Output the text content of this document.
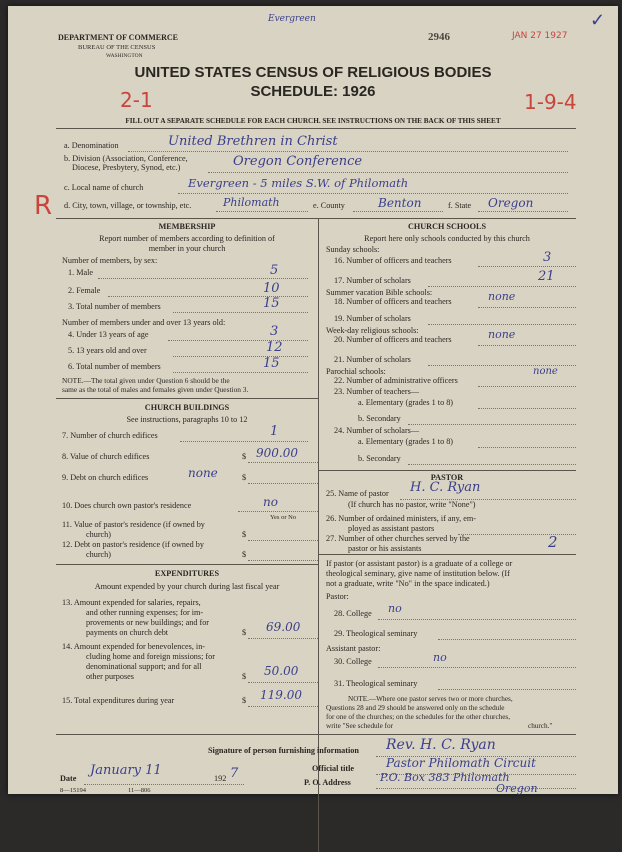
DEPARTMENT OF COMMERCE
BUREAU OF THE CENSUS
WASHINGTON
2946	JAN 27 1927
Evergreen	✓
UNITED STATES CENSUS OF RELIGIOUS BODIES
SCHEDULE: 1926
2-1	1-9-4
FILL OUT A SEPARATE SCHEDULE FOR EACH CHURCH. SEE INSTRUCTIONS ON THE BACK OF THIS SHEET
a. Denomination	United Brethren in Christ
b. Division (Association, Conference,
Diocese, Presbytery, Synod, etc.)	Oregon Conference
c. Local name of church	Evergreen - 5 miles S.W. of Philomath
R d. City, town, village, or township, etc.	Philomath	e. County	Benton	f. State Oregon
MEMBERSHIP
Report number of members according to definition of
member in your church
Number of members, by sex:
1. Male	5
2. Female	10
3. Total number of members	15
Number of members under and over 13 years old:
4. Under 13 years of age	3
5. 13 years old and over	12
6. Total number of members	15
NOTE.—The total given under Question 6 should be the
same as the total of males and females given under Question 3.
CHURCH BUILDINGS
See instructions, paragraphs 10 to 12
7. Number of church edifices	1
8. Value of church edifices	$ 900.00
9. Debt on church edifices	$
none
10. Does church own pastor's residence	no
Yes or No
11. Value of pastor's residence (if owned by
church)	$
12. Debt on pastor's residence (if owned by
church)	$
EXPENDITURES
Amount expended by your church during last fiscal year
13. Amount expended for salaries, repairs,
and other running expenses; for im-
provements or new buildings; and for
payments on church debt	$ 69.00
14. Amount expended for benevolences, in-
cluding home and foreign missions; for
denominational support; and for all
other purposes	$ 50.00
15. Total expenditures during year	$ 119.00
CHURCH SCHOOLS
Report here only schools conducted by this church
Sunday schools:
16. Number of officers and teachers	3
17. Number of scholars	21
Summer vacation Bible schools:
18. Number of officers and teachers	none
19. Number of scholars
Week-day religious schools:
20. Number of officers and teachers	none
21. Number of scholars
Parochial schools:
22. Number of administrative officers
none
23. Number of teachers—
a. Elementary (grades 1 to 8)
b. Secondary
24. Number of scholars—
a. Elementary (grades 1 to 8)
b. Secondary
PASTOR
25. Name of pastor H. C. Ryan
(If church has no pastor, write "None")
26. Number of ordained ministers, if any, em-
ployed as assistant pastors
27. Number of other churches served by the
pastor or his assistants	2
If pastor (or assistant pastor) is a graduate of a college or
theological seminary, give name of institution below. (If
not a graduate, write "No" in the space indicated.)
Pastor:
28. College no
29. Theological seminary
Assistant pastor:
30. College	no
31. Theological seminary
NOTE.—Where one pastor serves two or more churches,
Questions 28 and 29 should be answered only on the schedule
for one of the churches; on the schedules for the other churches,
write "See schedule for	church."
Signature of person furnishing information Rev. H. C. Ryan
Official title	Pastor Philomath Circuit
Date
January 11
192 7
P. O. Address	P.O. Box 383 Philomath
Oregon
8—15194	11—806
